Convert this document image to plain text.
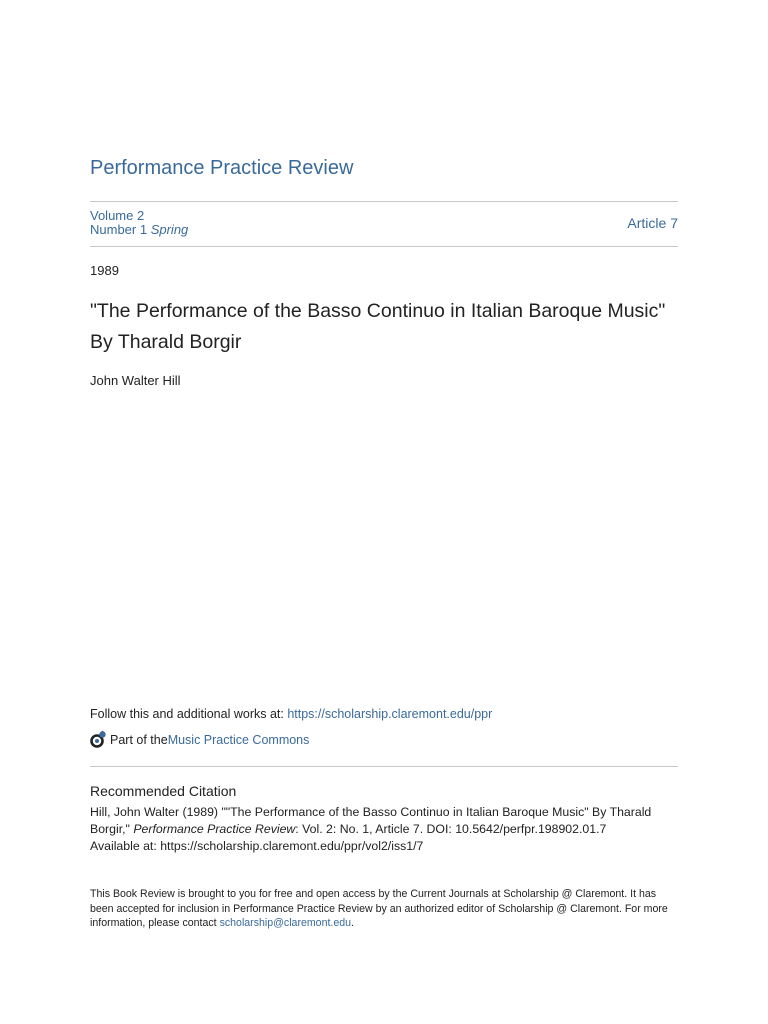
Performance Practice Review
Volume 2
Number 1 Spring	Article 7
1989
"The Performance of the Basso Continuo in Italian Baroque Music" By Tharald Borgir
John Walter Hill
Follow this and additional works at: https://scholarship.claremont.edu/ppr
Part of the Music Practice Commons
Recommended Citation
Hill, John Walter (1989) ""The Performance of the Basso Continuo in Italian Baroque Music" By Tharald Borgir," Performance Practice Review: Vol. 2: No. 1, Article 7. DOI: 10.5642/perfpr.198902.01.7
Available at: https://scholarship.claremont.edu/ppr/vol2/iss1/7
This Book Review is brought to you for free and open access by the Current Journals at Scholarship @ Claremont. It has been accepted for inclusion in Performance Practice Review by an authorized editor of Scholarship @ Claremont. For more information, please contact scholarship@claremont.edu.
